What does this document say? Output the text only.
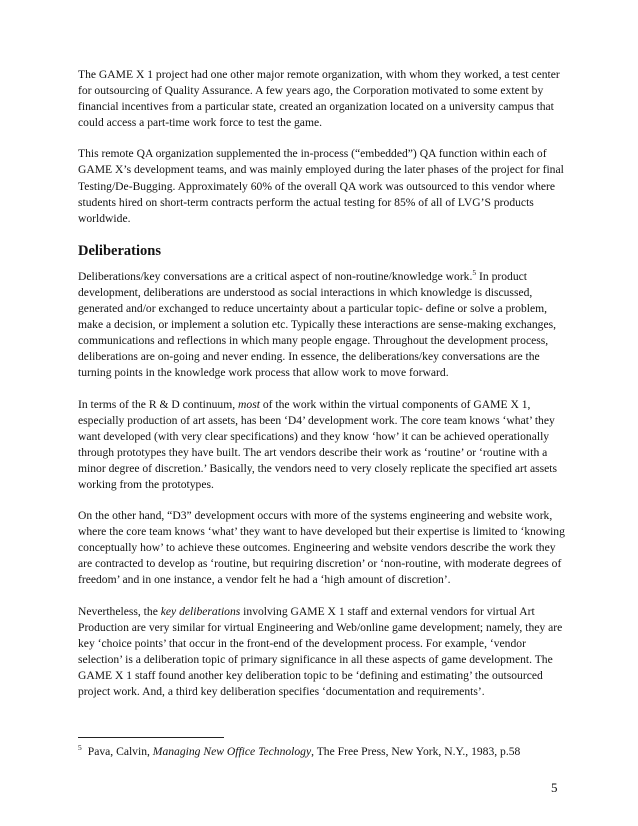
The GAME X 1 project had one other major remote organization, with whom they worked, a test center for outsourcing of Quality Assurance. A few years ago, the Corporation motivated to some extent by financial incentives from a particular state, created an organization located on a university campus that could access a part-time work force to test the game.

This remote QA organization supplemented the in-process (“embedded”) QA function within each of GAME X’s development teams, and was mainly employed during the later phases of the project for final Testing/De-Bugging. Approximately 60% of the overall QA work was outsourced to this vendor where students hired on short-term contracts perform the actual testing for 85% of all of LVG’S products worldwide.

Deliberations

Deliberations/key conversations are a critical aspect of non-routine/knowledge work.$^5$ In product development, deliberations are understood as social interactions in which knowledge is discussed, generated and/or exchanged to reduce uncertainty about a particular topic- define or solve a problem, make a decision, or implement a solution etc. Typically these interactions are sense-making exchanges, communications and reflections in which many people engage. Throughout the development process, deliberations are on-going and never ending. In essence, the deliberations/key conversations are the turning points in the knowledge work process that allow work to move forward.

In terms of the R & D continuum, most of the work within the virtual components of GAME X 1, especially production of art assets, has been ‘D4’ development work. The core team knows ‘what’ they want developed (with very clear specifications) and they know ‘how’ it can be achieved operationally through prototypes they have built. The art vendors describe their work as ‘routine’ or ‘routine with a minor degree of discretion.’ Basically, the vendors need to very closely replicate the specified art assets working from the prototypes.

On the other hand, “D3” development occurs with more of the systems engineering and website work, where the core team knows ‘what’ they want to have developed but their expertise is limited to ‘knowing conceptually how’ to achieve these outcomes. Engineering and website vendors describe the work they are contracted to develop as ‘routine, but requiring discretion’ or ‘non-routine, with moderate degrees of freedom’ and in one instance, a vendor felt he had a ‘high amount of discretion’.

Nevertheless, the key deliberations involving GAME X 1 staff and external vendors for virtual Art Production are very similar for virtual Engineering and Web/online game development; namely, they are key ‘choice points’ that occur in the front-end of the development process. For example, ‘vendor selection’ is a deliberation topic of primary significance in all these aspects of game development. The GAME X 1 staff found another key deliberation topic to be ‘defining and estimating’ the outsourced project work. And, a third key deliberation specifies ‘documentation and requirements’.

$^5$ Pava, Calvin, Managing New Office Technology, The Free Press, New York, N.Y., 1983, p.58
5
